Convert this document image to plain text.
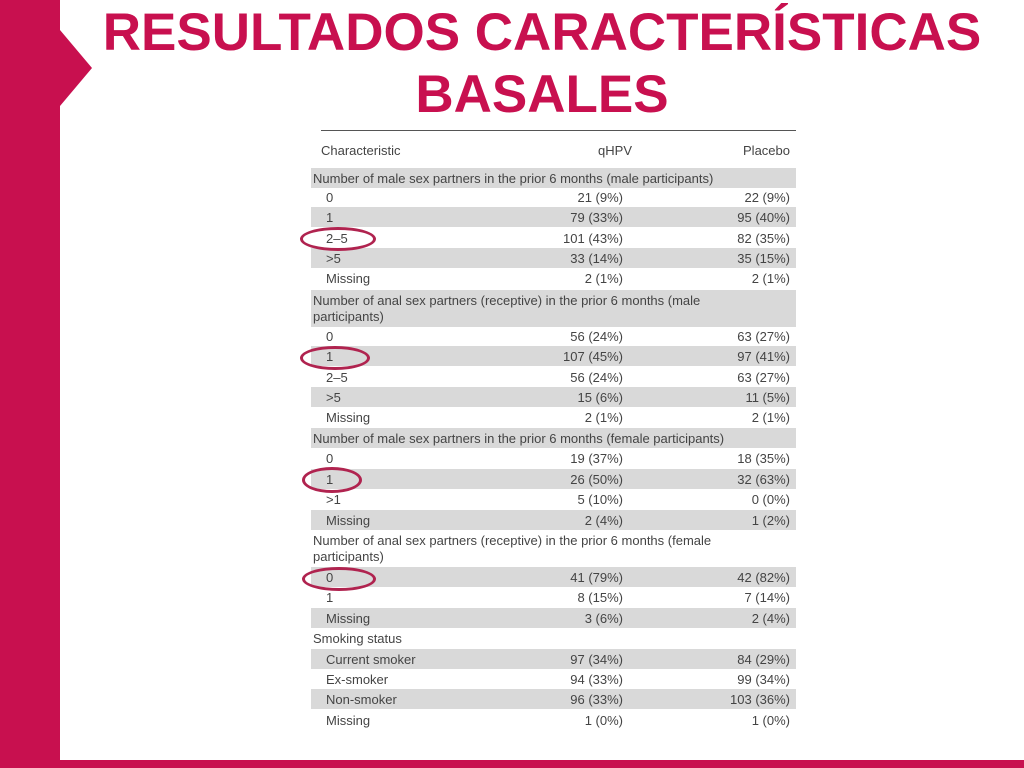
RESULTADOS CARACTERÍSTICAS
BASALES
Characteristic	qHPV	Placebo
Number of male sex partners in the prior 6 months (male participants)
0	21 (9%)	22 (9%)
1	79 (33%)	95 (40%)
2–5	101 (43%)	82 (35%)
>5	33 (14%)	35 (15%)
Missing	2 (1%)	2 (1%)
Number of anal sex partners (receptive) in the prior 6 months (male participants)
0	56 (24%)	63 (27%)
1	107 (45%)	97 (41%)
2–5	56 (24%)	63 (27%)
>5	15 (6%)	11 (5%)
Missing	2 (1%)	2 (1%)
Number of male sex partners in the prior 6 months (female participants)
0	19 (37%)	18 (35%)
1	26 (50%)	32 (63%)
>1	5 (10%)	0 (0%)
Missing	2 (4%)	1 (2%)
Number of anal sex partners (receptive) in the prior 6 months (female participants)
0	41 (79%)	42 (82%)
1	8 (15%)	7 (14%)
Missing	3 (6%)	2 (4%)
Smoking status
Current smoker	97 (34%)	84 (29%)
Ex-smoker	94 (33%)	99 (34%)
Non-smoker	96 (33%)	103 (36%)
Missing	1 (0%)	1 (0%)
